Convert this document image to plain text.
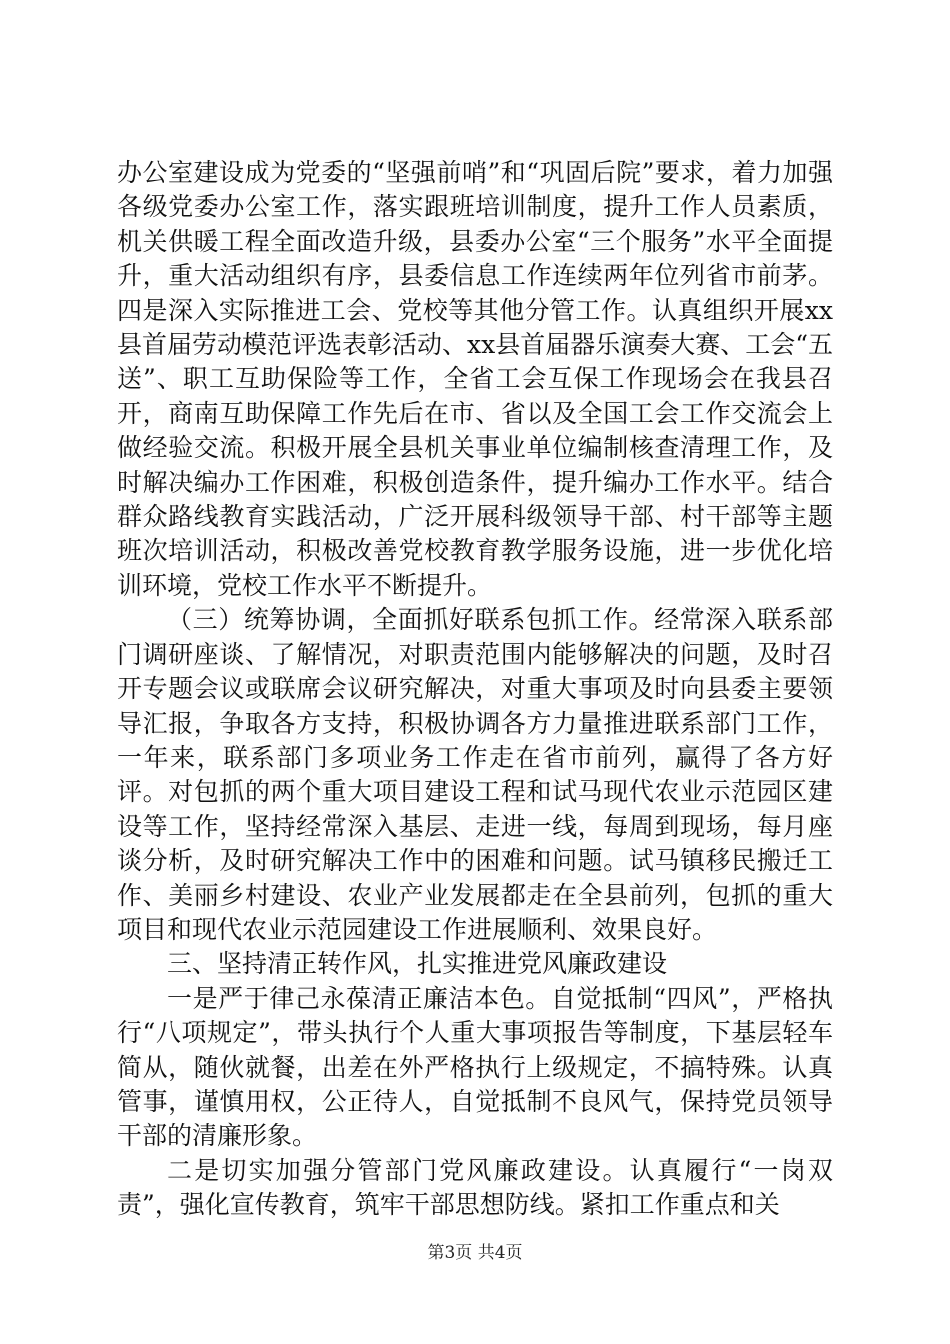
办公室建设成为党委的“坚强前哨”和“巩固后院”要求，着力加强各级党委办公室工作，落实跟班培训制度，提升工作人员素质，机关供暖工程全面改造升级，县委办公室“三个服务”水平全面提升，重大活动组织有序，县委信息工作连续两年位列省市前茅。四是深入实际推进工会、党校等其他分管工作。认真组织开展xx县首届劳动模范评选表彰活动、xx县首届器乐演奏大赛、工会“五送”、职工互助保险等工作，全省工会互保工作现场会在我县召开，商南互助保障工作先后在市、省以及全国工会工作交流会上做经验交流。积极开展全县机关事业单位编制核查清理工作，及时解决编办工作困难，积极创造条件，提升编办工作水平。结合群众路线教育实践活动，广泛开展科级领导干部、村干部等主题班次培训活动，积极改善党校教育教学服务设施，进一步优化培训环境，党校工作水平不断提升。

（三）统筹协调，全面抓好联系包抓工作。经常深入联系部门调研座谈、了解情况，对职责范围内能够解决的问题，及时召开专题会议或联席会议研究解决，对重大事项及时向县委主要领导汇报，争取各方支持，积极协调各方力量推进联系部门工作，一年来，联系部门多项业务工作走在省市前列，赢得了各方好评。对包抓的两个重大项目建设工程和试马现代农业示范园区建设等工作，坚持经常深入基层、走进一线，每周到现场，每月座谈分析，及时研究解决工作中的困难和问题。试马镇移民搬迁工作、美丽乡村建设、农业产业发展都走在全县前列，包抓的重大项目和现代农业示范园建设工作进展顺利、效果良好。

三、坚持清正转作风，扎实推进党风廉政建设

一是严于律己永葆清正廉洁本色。自觉抵制“四风”，严格执行“八项规定”，带头执行个人重大事项报告等制度，下基层轻车简从，随伙就餐，出差在外严格执行上级规定，不搞特殊。认真管事，谨慎用权，公正待人，自觉抵制不良风气，保持党员领导干部的清廉形象。

二是切实加强分管部门党风廉政建设。认真履行“一岗双责”，强化宣传教育，筑牢干部思想防线。紧扣工作重点和关

第3页 共4页
